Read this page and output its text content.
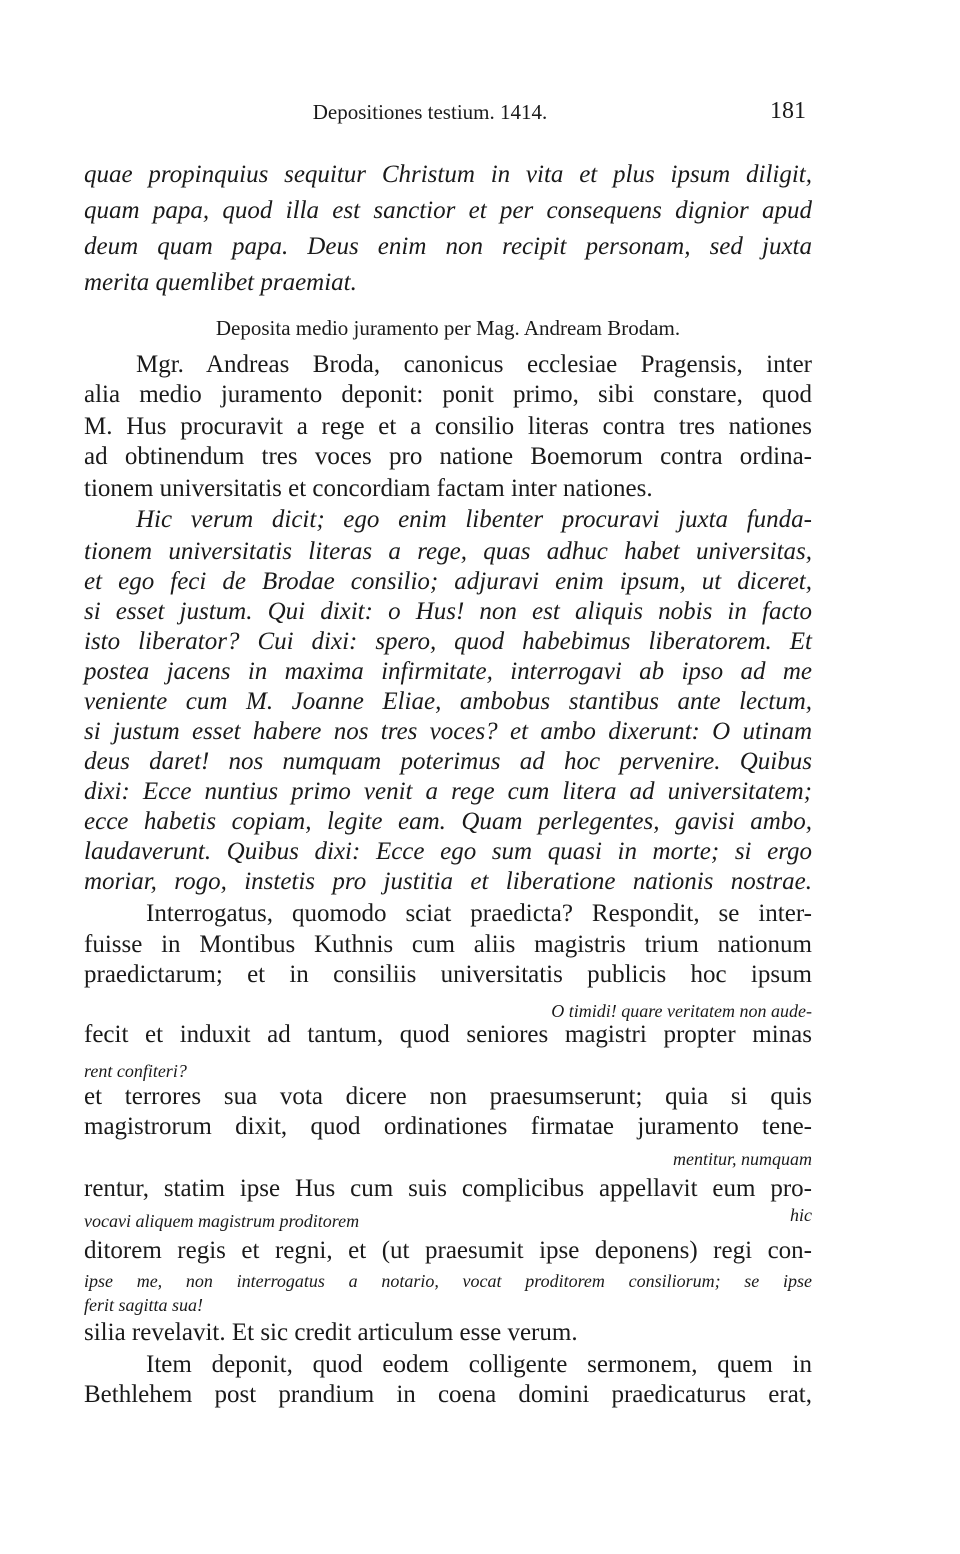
Depositiones testium. 1414.	181
quae propinquius sequitur Christum in vita et plus ipsum diligit,
quam papa, quod illa est sanctior et per consequens dignior apud
deum quam papa. Deus enim non recipit personam, sed juxta
merita quemlibet praemiat.
Deposita medio juramento per Mag. Andream Brodam.
Mgr. Andreas Broda, canonicus ecclesiae Pragensis, inter
alia medio juramento deponit: ponit primo, sibi constare, quod
M. Hus procuravit a rege et a consilio literas contra tres nationes
ad obtinendum tres voces pro natione Boemorum contra ordina-
tionem universitatis et concordiam factam inter nationes.
Hic verum dicit; ego enim libenter procuravi juxta funda-
tionem universitatis literas a rege, quas adhuc habet universitas,
et ego feci de Brodae consilio; adjuravi enim ipsum, ut diceret,
si esset justum. Qui dixit: o Hus! non est aliquis nobis in facto
isto liberator? Cui dixi: spero, quod habebimus liberatorem. Et
postea jacens in maxima infirmitate, interrogavi ab ipso ad me
veniente cum M. Joanne Eliae, ambobus stantibus ante lectum,
si justum esset habere nos tres voces? et ambo dixerunt: O utinam
deus daret! nos numquam poterimus ad hoc pervenire. Quibus
dixi: Ecce nuntius primo venit a rege cum litera ad universitatem;
ecce habetis copiam, legite eam. Quam perlegentes, gavisi ambo,
laudaverunt. Quibus dixi: Ecce ego sum quasi in morte; si ergo
moriar, rogo, instetis pro justitia et liberatione nationis nostrae.
Interrogatus, quomodo sciat praedicta? Respondit, se inter-
fuisse in Montibus Kuthnis cum aliis magistris trium nationum
praedictarum; et in consiliis universitatis publicis hoc ipsum
O timidi! quare veritatem non aude-
fecit et induxit ad tantum, quod seniores magistri propter minas
rent confiteri?
et terrores sua vota dicere non praesumserunt; quia si quis
magistrorum dixit, quod ordinationes firmatae juramento tene-
mentitur, numquam
rentur, statim ipse Hus cum suis complicibus appellavit eum pro-
vocavi aliquem magistrum proditorem	hic
ditorem regis et regni, et (ut praesumit ipse deponens) regi con-
ipse me, non interrogatus a notario, vocat proditorem consiliorum; se ipse
ferit sagitta sua!
silia revelavit. Et sic credit articulum esse verum.
Item deponit, quod eodem colligente sermonem, quem in
Bethlehem post prandium in coena domini praedicaturus erat,
